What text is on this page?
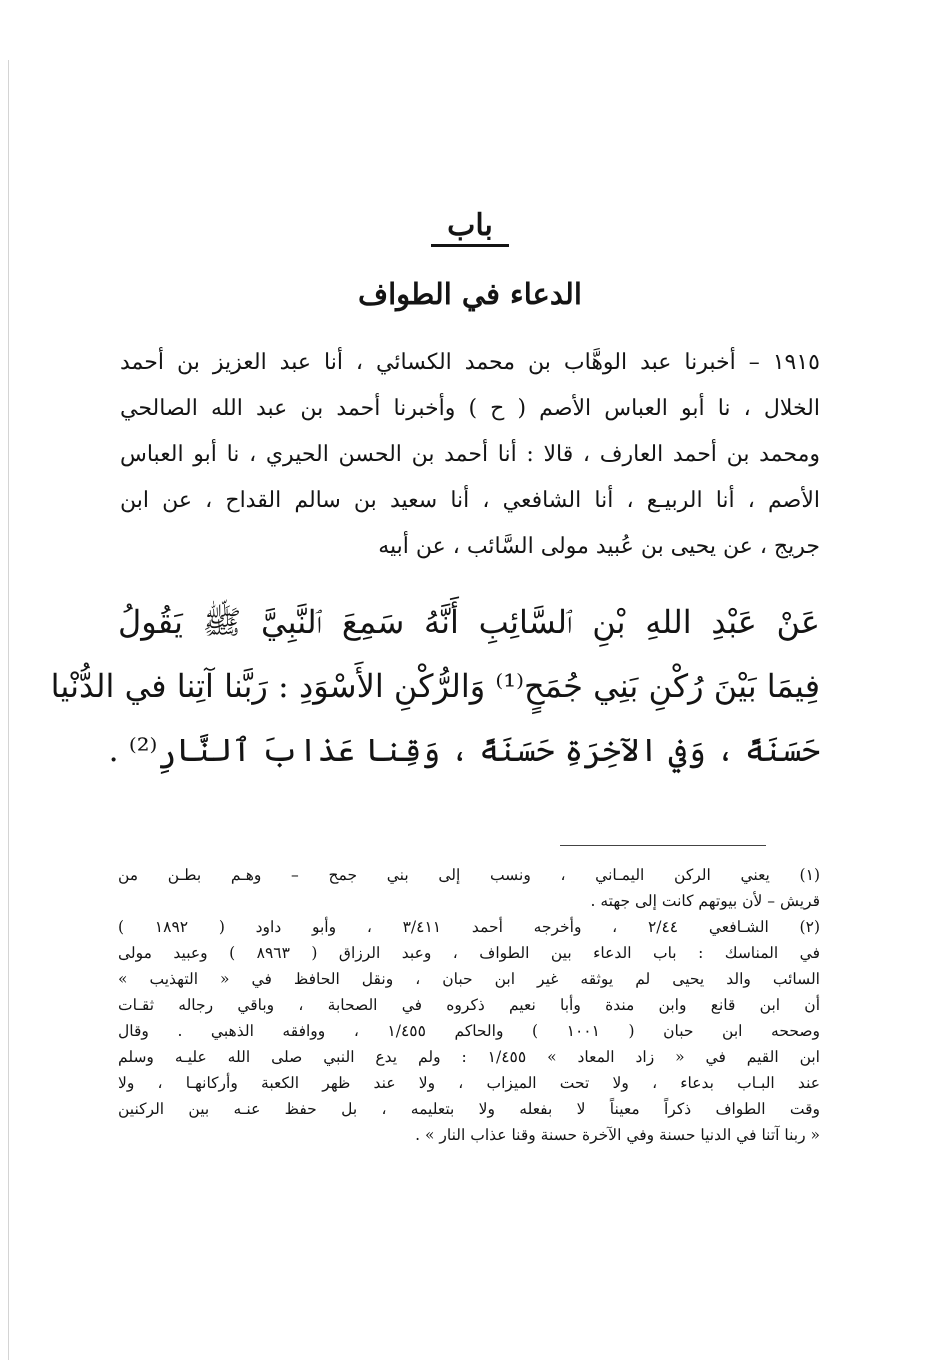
باب
الدعاء في الطواف
١٩١٥ – أخبرنا عبد الوهَّاب بن محمد الكسائي ، أنا عبد العزيز بن أحمد
الخلال ، نا أبو العباس الأصم ( ح ) وأخبرنا أحمد بن عبد الله الصالحي
ومحمد بن أحمد العارف ، قالا : أنا أحمد بن الحسن الحيري ، نا أبو العباس
الأصم ، أنا الربيـع ، أنا الشافعي ، أنا سعيد بن سالم القداح ، عن ابن
جريج ، عن يحيى بن عُبيد مولى السَّائب ، عن أبيه
عَنْ عَبْدِ اللهِ بْنِ ٱلسَّائِبِ أَنَّهُ سَمِعَ ٱلنَّبِيَّ ﷺ يَقُولُ
فِيمَا بَيْنَ رُكْنِ بَنِي جُمَحٍ⁽¹⁾ وَالرُّكْنِ الأَسْوَدِ : رَبَّنا آتِنا في الدُّنْيا
حَسَنَةً ، وَفي الآخِرَةِ حَسَنَةً ، وَقِنا عَذابَ ٱلنَّارِ⁽²⁾ .
(١) يعني الركن اليمـاني ، ونسب إلى بني جمح – وهـم بطـن من
قريش – لأن بيوتهم كانت إلى جهته .
(٢) الشـافعي ٢/٤٤ ، وأخرجه أحمد ٣/٤١١ ، وأبو داود ( ١٨٩٢ )
في المناسك : باب الدعاء بين الطواف ، وعبد الرزاق ( ٨٩٦٣ ) وعبيد مولى
السائب والد يحيى لم يوثقه غير ابن حبان ، ونقل الحافظ في « التهذيب »
أن ابن قانع وابن مندة وأبا نعيم ذكروه في الصحابة ، وباقي رجاله ثقـات
وصححه ابن حبان ( ١٠٠١ ) والحاكم ١/٤٥٥ ، ووافقه الذهبي . وقال
ابن القيم في « زاد المعاد » ١/٤٥٥ : ولم يدع النبي صلى الله عليـه وسلم
عند البـاب بدعاء ، ولا تحت الميزاب ، ولا عند ظهر الكعبة وأركانهـا ، ولا
وقت الطواف ذكراً معيناً لا بفعله ولا بتعليمه ، بل حفظ عنـه بين الركنين
« ربنا آتنا في الدنيا حسنة وفي الآخرة حسنة وقنا عذاب النار » .
